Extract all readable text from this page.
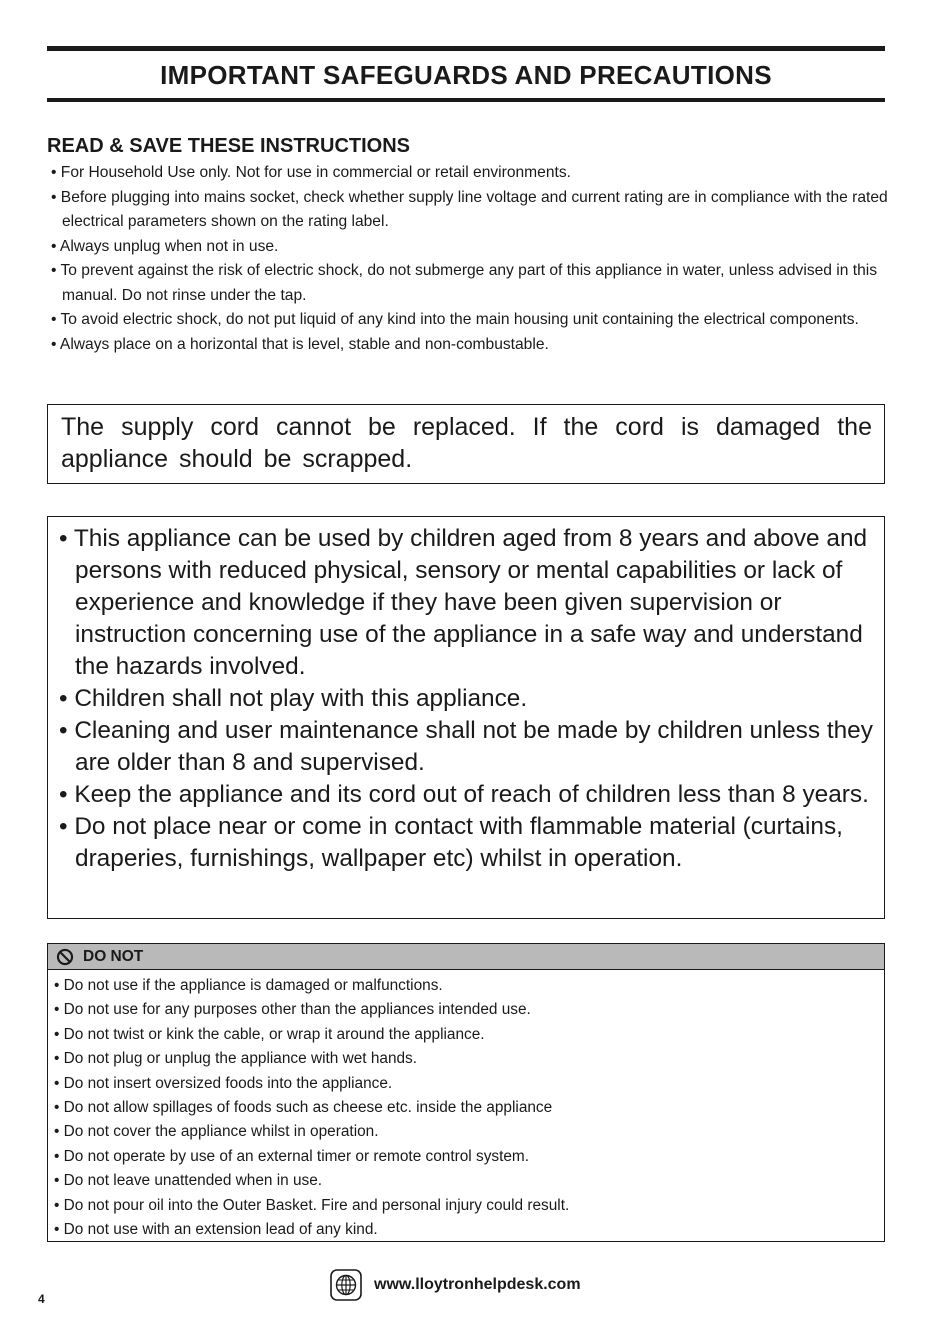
IMPORTANT SAFEGUARDS AND PRECAUTIONS
READ & SAVE THESE INSTRUCTIONS
• For Household Use only. Not for use in commercial or retail environments.
• Before plugging into mains socket, check whether supply line voltage and current rating are in compliance with the rated electrical parameters shown on the rating label.
• Always unplug when not in use.
• To prevent against the risk of electric shock, do not submerge any part of this appliance in water, unless advised in this manual. Do not rinse under the tap.
• To avoid electric shock, do not put liquid of any kind into the main housing unit containing the electrical components.
• Always place on a horizontal that is level, stable and non-combustable.
The supply cord cannot be replaced. If the cord is damaged the appliance should be scrapped.
• This appliance can be used by children aged from 8 years and above and persons with reduced physical, sensory or mental capabilities or lack of experience and knowledge if they have been given supervision or instruction concerning use of the appliance in a safe way and understand the hazards involved.
• Children shall not play with this appliance.
• Cleaning and user maintenance shall not be made by children unless they are older than 8 and supervised.
• Keep the appliance and its cord out of reach of children less than 8 years.
• Do not place near or come in contact with flammable material (curtains, draperies, furnishings, wallpaper etc) whilst in operation.
DO NOT
• Do not use if the appliance is damaged or malfunctions.
• Do not use for any purposes other than the appliances intended use.
• Do not twist or kink the cable, or wrap it around the appliance.
• Do not plug or unplug the appliance with wet hands.
• Do not insert oversized foods into the appliance.
• Do not allow spillages of foods such as cheese etc. inside the appliance
• Do not cover the appliance whilst in operation.
• Do not operate by use of an external timer or remote control system.
• Do not leave unattended when in use.
• Do not pour oil into the Outer Basket. Fire and personal injury could result.
• Do not use with an extension lead of any kind.
4
www.lloytronhelpdesk.com
